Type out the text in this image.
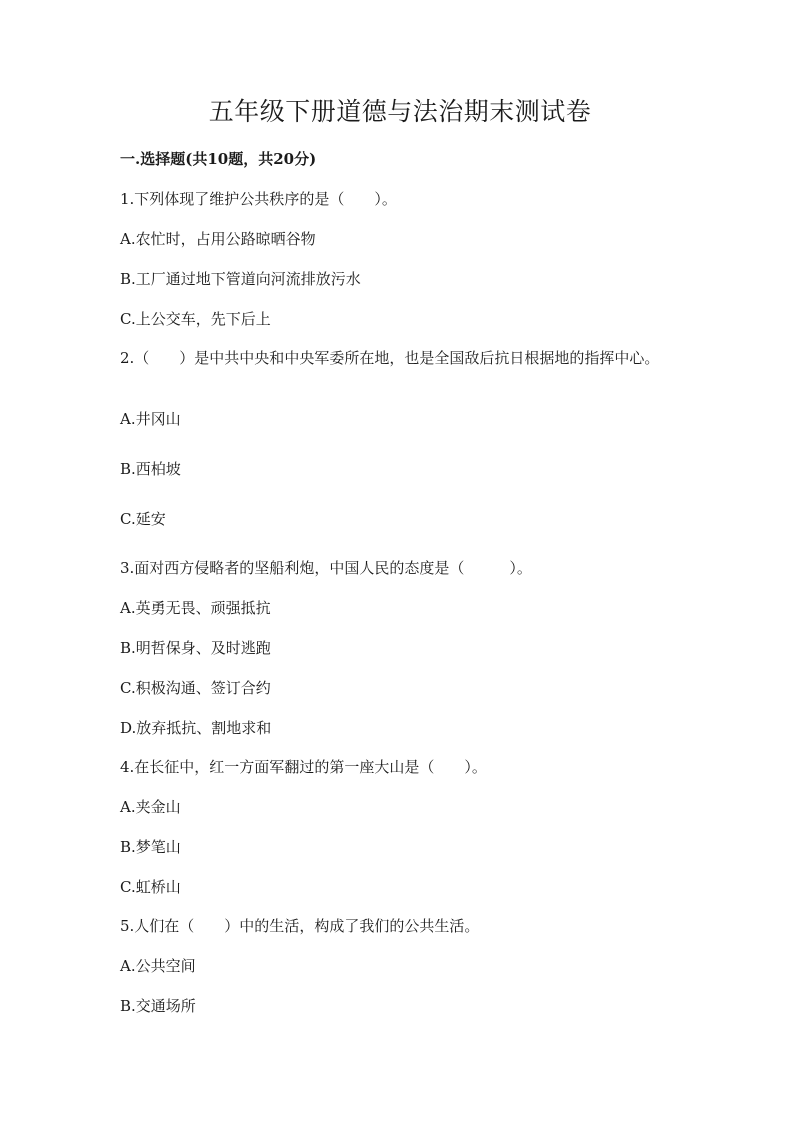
五年级下册道德与法治期末测试卷
一.选择题(共10题，共20分)
1.下列体现了维护公共秩序的是（　　）。
A.农忙时，占用公路晾晒谷物
B.工厂通过地下管道向河流排放污水
C.上公交车，先下后上
2.（　　）是中共中央和中央军委所在地，也是全国敌后抗日根据地的指挥中心。
A.井冈山
B.西柏坡
C.延安
3.面对西方侵略者的坚船利炮，中国人民的态度是（　　　）。
A.英勇无畏、顽强抵抗
B.明哲保身、及时逃跑
C.积极沟通、签订合约
D.放弃抵抗、割地求和
4.在长征中，红一方面军翻过的第一座大山是（　　）。
A.夹金山
B.梦笔山
C.虹桥山
5.人们在（　　）中的生活，构成了我们的公共生活。
A.公共空间
B.交通场所
